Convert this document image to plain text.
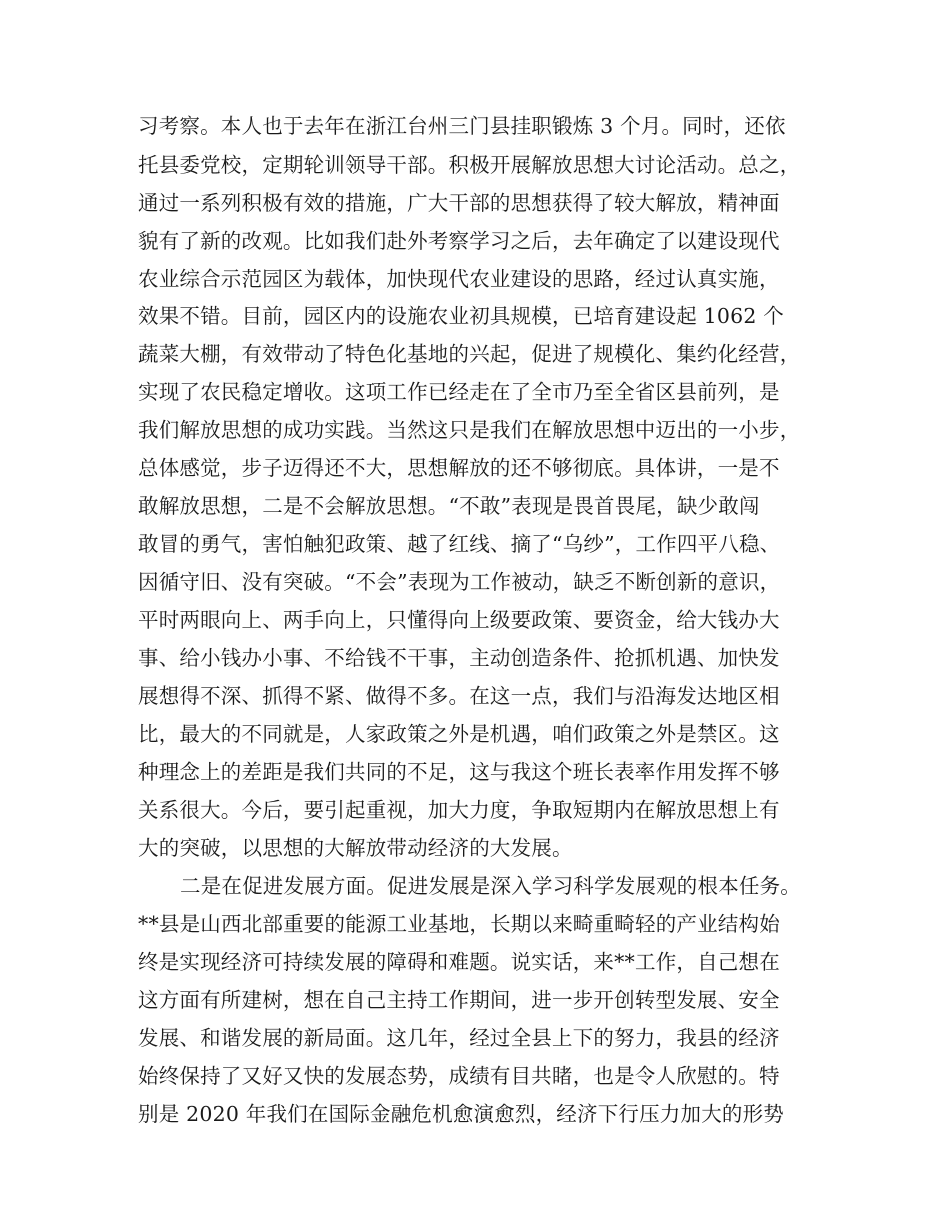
习考察。本人也于去年在浙江台州三门县挂职锻炼 3 个月。同时，还依
托县委党校，定期轮训领导干部。积极开展解放思想大讨论活动。总之，
通过一系列积极有效的措施，广大干部的思想获得了较大解放，精神面
貌有了新的改观。比如我们赴外考察学习之后，去年确定了以建设现代
农业综合示范园区为载体，加快现代农业建设的思路，经过认真实施，
效果不错。目前，园区内的设施农业初具规模，已培育建设起 1062 个
蔬菜大棚，有效带动了特色化基地的兴起，促进了规模化、集约化经营，
实现了农民稳定增收。这项工作已经走在了全市乃至全省区县前列，是
我们解放思想的成功实践。当然这只是我们在解放思想中迈出的一小步，
总体感觉，步子迈得还不大，思想解放的还不够彻底。具体讲，一是不
敢解放思想，二是不会解放思想。“不敢”表现是畏首畏尾，缺少敢闯
敢冒的勇气，害怕触犯政策、越了红线、摘了“乌纱”，工作四平八稳、
因循守旧、没有突破。“不会”表现为工作被动，缺乏不断创新的意识，
平时两眼向上、两手向上，只懂得向上级要政策、要资金，给大钱办大
事、给小钱办小事、不给钱不干事，主动创造条件、抢抓机遇、加快发
展想得不深、抓得不紧、做得不多。在这一点，我们与沿海发达地区相
比，最大的不同就是，人家政策之外是机遇，咱们政策之外是禁区。这
种理念上的差距是我们共同的不足，这与我这个班长表率作用发挥不够
关系很大。今后，要引起重视，加大力度，争取短期内在解放思想上有
大的突破，以思想的大解放带动经济的大发展。
二是在促进发展方面。促进发展是深入学习科学发展观的根本任务。
**县是山西北部重要的能源工业基地，长期以来畸重畸轻的产业结构始
终是实现经济可持续发展的障碍和难题。说实话，来**工作，自己想在
这方面有所建树，想在自己主持工作期间，进一步开创转型发展、安全
发展、和谐发展的新局面。这几年，经过全县上下的努力，我县的经济
始终保持了又好又快的发展态势，成绩有目共睹，也是令人欣慰的。特
别是 2020 年我们在国际金融危机愈演愈烈，经济下行压力加大的形势
